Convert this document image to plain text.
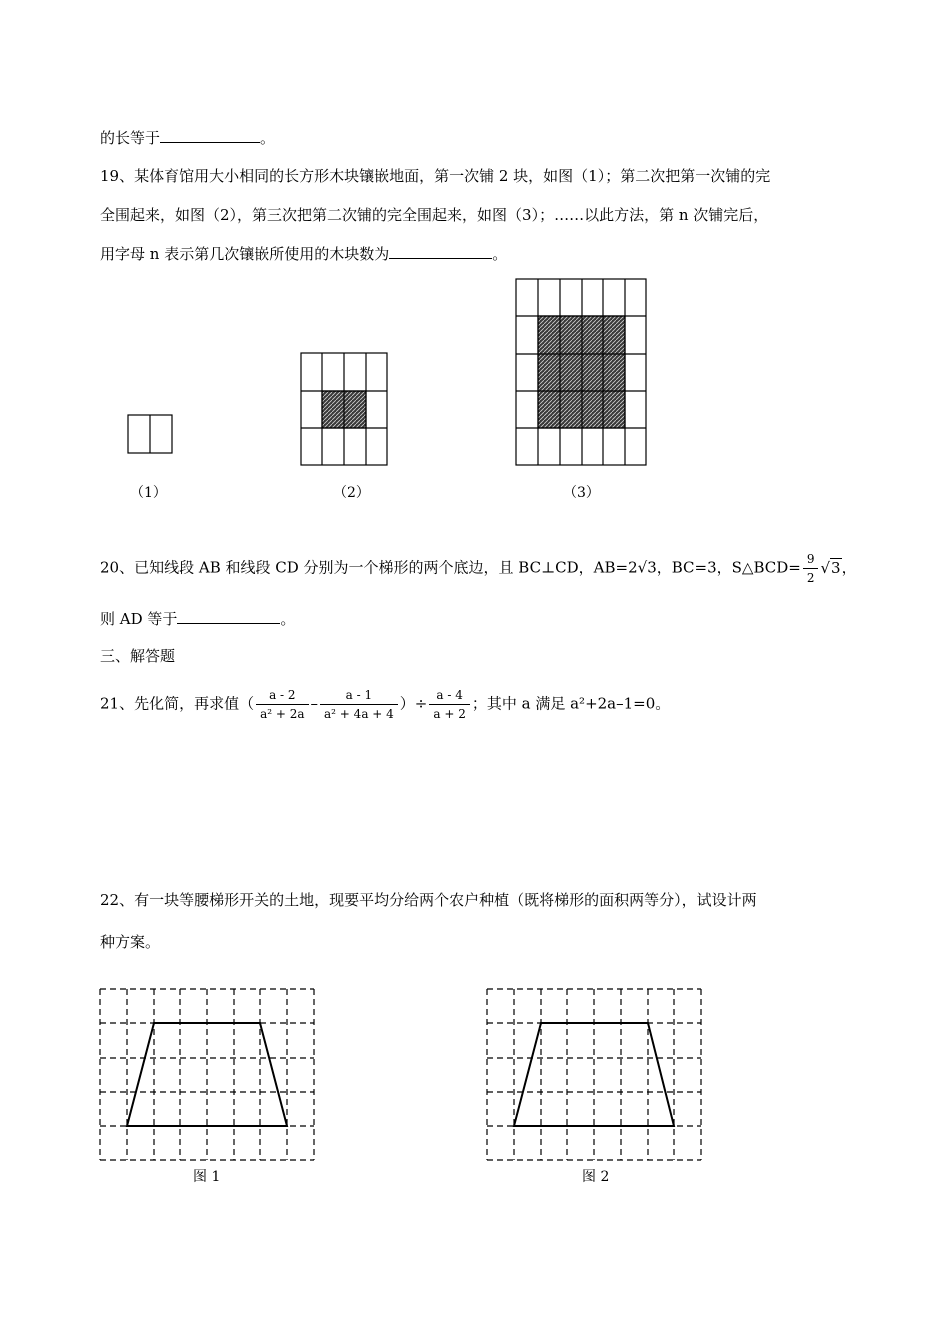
的长等于	。
19、某体育馆用大小相同的长方形木块镶嵌地面，第一次铺 2 块，如图（1）；第二次把第一次铺的完
全围起来，如图（2），第三次把第二次铺的完全围起来，如图（3）；……以此方法，第 n 次铺完后，
用字母 n 表示第几次镶嵌所使用的木块数为	。
（1）	（2）	（3）
20、已知线段 AB 和线段 CD 分别为一个梯形的两个底边，且 BC⊥CD，AB=2√3，BC=3，S△BCD= $\frac{9}{2} √3$，
则 AD 等于	。
三、解答题
21、先化简，再求值（ $\frac{a - 2}{\text{a² + 2a}} - \frac{a - 1}{\text{a² + 4a + 4}}$ ）÷ $\frac{a - 4}{a + 2}$ ；其中 a 满足 a²+2a–1=0。
22、有一块等腰梯形开关的土地，现要平均分给两个农户种植（既将梯形的面积两等分），试设计两
种方案。
图 1	图 2
